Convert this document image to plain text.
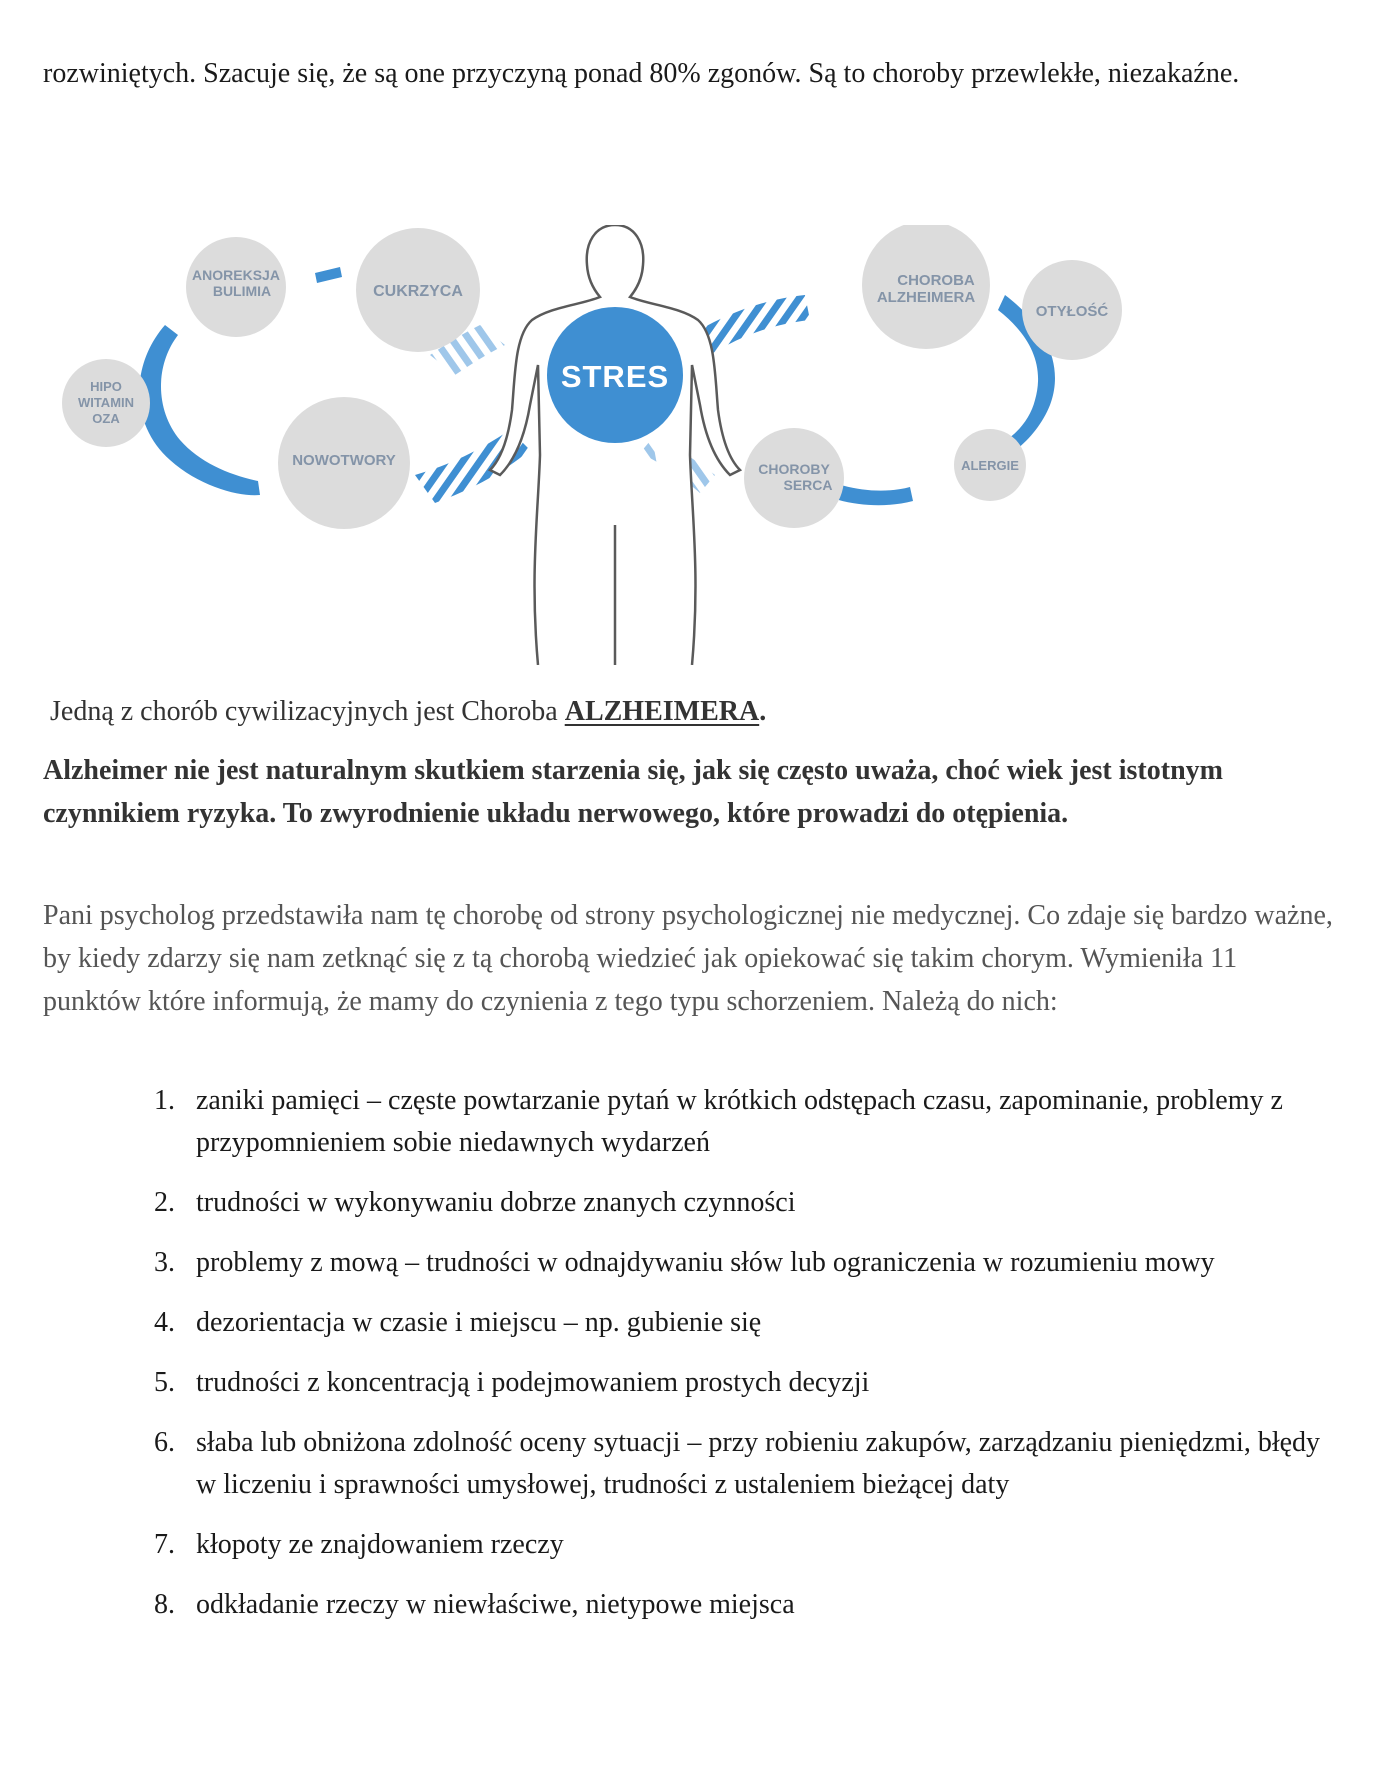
rozwiniętych. Szacuje się, że są one przyczyną ponad 80% zgonów. Są to choroby przewlekłe, niezakaźne.

STRES
ANOREKSJA
BULIMIA	CUKRZYCA
HIPO
WITAMIN
OZA
NOWOTWORY
CHOROBA
ALZHEIMERA
OTYŁOŚĆ
CHOROBY
SERCA
ALERGIE

Jedną z chorób cywilizacyjnych jest Choroba ALZHEIMERA.

Alzheimer nie jest naturalnym skutkiem starzenia się, jak się często uważa, choć wiek jest istotnym czynnikiem ryzyka. To zwyrodnienie układu nerwowego, które prowadzi do otępienia.

Pani psycholog przedstawiła nam tę chorobę od strony psychologicznej nie medycznej. Co zdaje się bardzo ważne, by kiedy zdarzy się nam zetknąć się z tą chorobą wiedzieć jak opiekować się takim chorym. Wymieniła 11 punktów które informują, że mamy do czynienia z tego typu schorzeniem. Należą do nich:

1. zaniki pamięci – częste powtarzanie pytań w krótkich odstępach czasu, zapominanie, problemy z przypomnieniem sobie niedawnych wydarzeń
2. trudności w wykonywaniu dobrze znanych czynności
3. problemy z mową – trudności w odnajdywaniu słów lub ograniczenia w rozumieniu mowy
4. dezorientacja w czasie i miejscu – np. gubienie się
5. trudności z koncentracją i podejmowaniem prostych decyzji
6. słaba lub obniżona zdolność oceny sytuacji – przy robieniu zakupów, zarządzaniu pieniędzmi, błędy w liczeniu i sprawności umysłowej, trudności z ustaleniem bieżącej daty
7. kłopoty ze znajdowaniem rzeczy
8. odkładanie rzeczy w niewłaściwe, nietypowe miejsca
